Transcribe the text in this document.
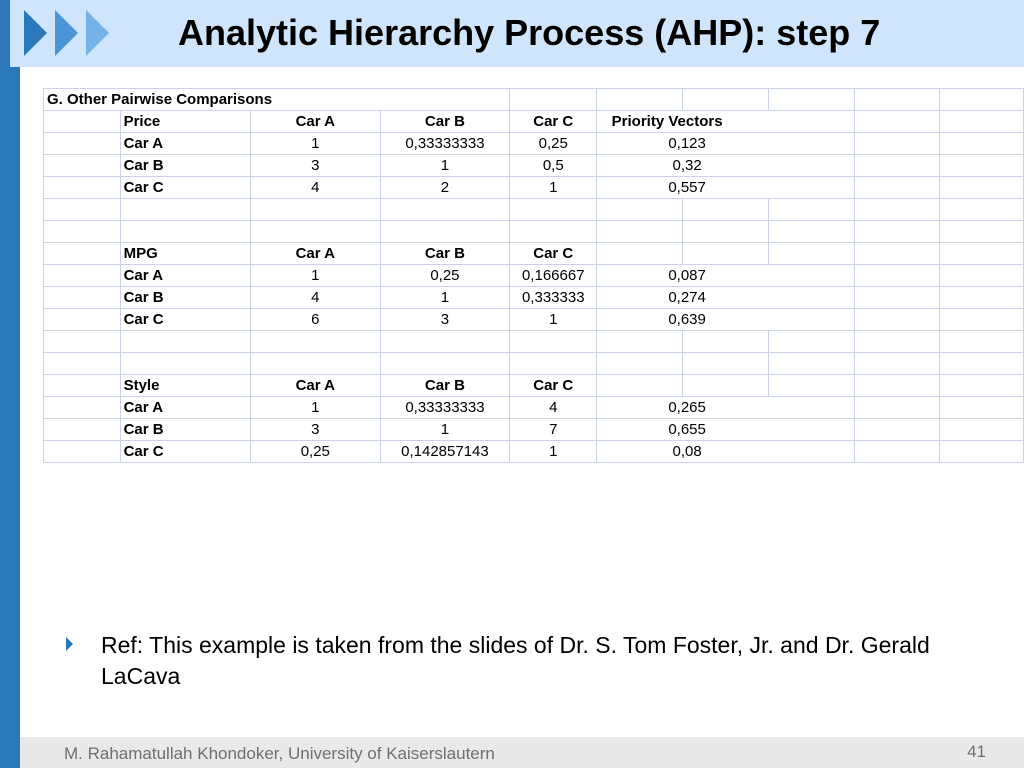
Analytic Hierarchy Process (AHP): step 7
G. Other Pairwise Comparisons									
	Price	Car A	Car B	Car C	Priority Vectors				
	Car A	1	0,33333333	0,25	0,123				
	Car B	3	1	0,5	0,32				
	Car C	4	2	1	0,557				

	MPG	Car A	Car B	Car C					
	Car A	1	0,25	0,166667	0,087				
	Car B	4	1	0,333333	0,274				
	Car C	6	3	1	0,639				

	Style	Car A	Car B	Car C					
	Car A	1	0,33333333	4	0,265				
	Car B	3	1	7	0,655				
	Car C	0,25	0,142857143	1	0,08				
Ref: This example is taken from the slides of Dr. S. Tom Foster, Jr. and Dr. Gerald LaCava
M. Rahamatullah Khondoker, University of Kaiserslautern	41
